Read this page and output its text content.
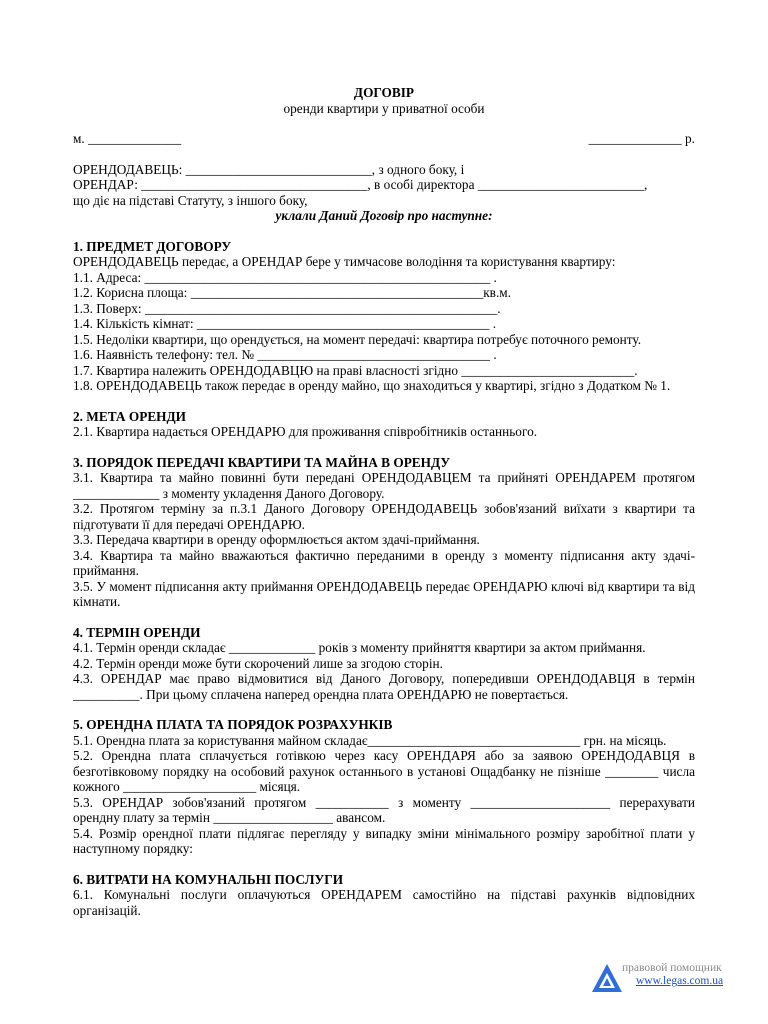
ДОГОВІР
оренди квартири у приватної особи
м. ______________	______________ р.
ОРЕНДОДАВЕЦЬ: ____________________________, з одного боку, і
ОРЕНДАР: __________________________________, в особі директора _________________________,
що діє на підставі Статуту, з іншого боку,
уклали Даний Договір про наступне:
1. ПРЕДМЕТ ДОГОВОРУ
ОРЕНДОДАВЕЦЬ передає, а ОРЕНДАР бере у тимчасове володіння та користування квартиру:
1.1. Адреса: ____________________________________________________ .
1.2. Корисна площа: ____________________________________________кв.м.
1.3. Поверх: _____________________________________________________.
1.4. Кількість кімнат: ____________________________________________ .
1.5. Недоліки квартири, що орендується, на момент передачі: квартира потребує поточного ремонту.
1.6. Наявність телефону: тел. № ___________________________________ .
1.7. Квартира належить ОРЕНДОДАВЦЮ на праві власності згідно __________________________.
1.8. ОРЕНДОДАВЕЦЬ також передає в оренду майно, що знаходиться у квартирі, згідно з Додатком № 1.
2. МЕТА ОРЕНДИ
2.1. Квартира надається ОРЕНДАРЮ для проживання співробітників останнього.
3. ПОРЯДОК ПЕРЕДАЧІ КВАРТИРИ ТА МАЙНА В ОРЕНДУ
3.1. Квартира та майно повинні бути передані ОРЕНДОДАВЦЕМ та прийняті ОРЕНДАРЕМ протягом _____________ з моменту укладення Даного Договору.
3.2. Протягом терміну за п.3.1 Даного Договору ОРЕНДОДАВЕЦЬ зобов'язаний виїхати з квартири та підготувати її для передачі ОРЕНДАРЮ.
3.3. Передача квартири в оренду оформлюється актом здачі-приймання.
3.4. Квартира та майно вважаються фактично переданими в оренду з моменту підписання акту здачі-приймання.
3.5. У момент підписання акту приймання ОРЕНДОДАВЕЦЬ передає ОРЕНДАРЮ ключі від квартири та від кімнати.
4. ТЕРМІН ОРЕНДИ
4.1. Термін оренди складає _____________ років з моменту прийняття квартири за актом приймання.
4.2. Термін оренди може бути скорочений лише за згодою сторін.
4.3. ОРЕНДАР має право відмовитися від Даного Договору, попередивши ОРЕНДОДАВЦЯ в термін __________. При цьому сплачена наперед орендна плата ОРЕНДАРЮ не повертається.
5. ОРЕНДНА ПЛАТА ТА ПОРЯДОК РОЗРАХУНКІВ
5.1. Орендна плата за користування майном складає________________________________ грн. на місяць.
5.2. Орендна плата сплачується готівкою через касу ОРЕНДАРЯ або за заявою ОРЕНДОДАВЦЯ в безготівковому порядку на особовий рахунок останнього в установі Ощадбанку не пізніше ________ числа кожного ____________________ місяця.
5.3. ОРЕНДАР зобов'язаний протягом ___________ з моменту _____________________ перерахувати орендну плату за термін __________________ авансом.
5.4. Розмір орендної плати підлягає перегляду у випадку зміни мінімального розміру заробітної плати у наступному порядку:
6. ВИТРАТИ НА КОМУНАЛЬНІ ПОСЛУГИ
6.1. Комунальні послуги оплачуються ОРЕНДАРЕМ самостійно на підставі рахунків відповідних організацій.
правовой помощник
www.legas.com.ua
